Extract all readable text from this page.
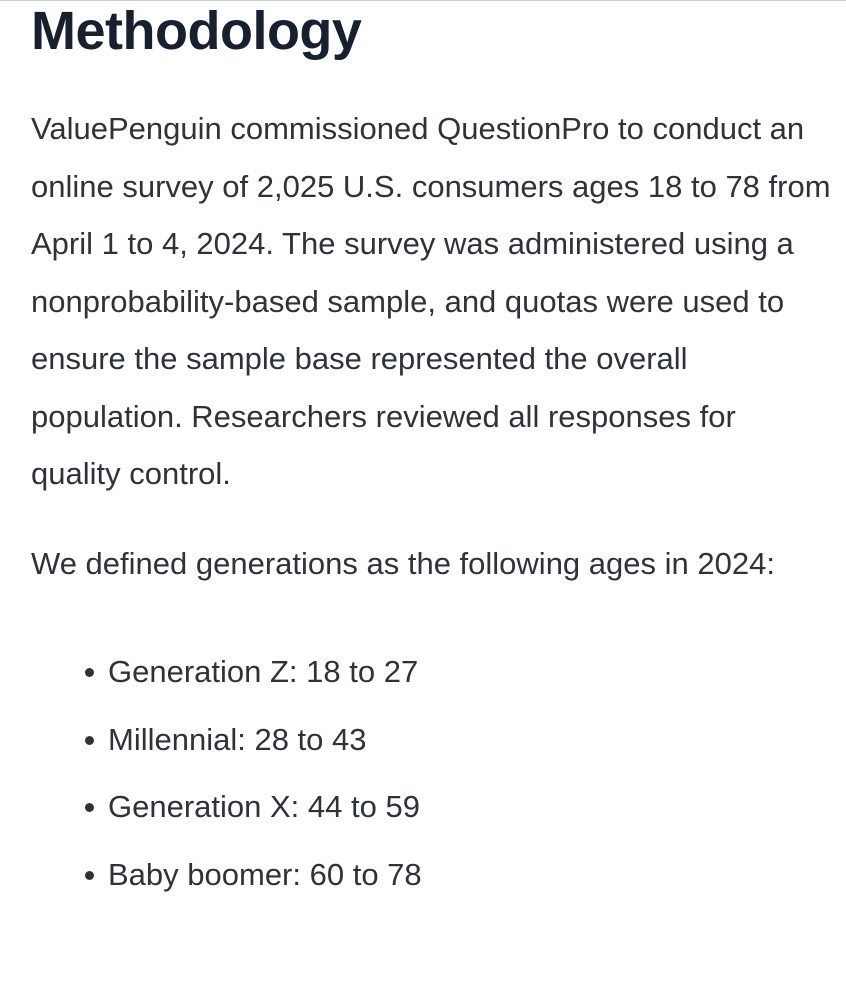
Methodology

ValuePenguin commissioned QuestionPro to conduct an online survey of 2,025 U.S. consumers ages 18 to 78 from April 1 to 4, 2024. The survey was administered using a nonprobability-based sample, and quotas were used to ensure the sample base represented the overall population. Researchers reviewed all responses for quality control.

We defined generations as the following ages in 2024:

Generation Z: 18 to 27
Millennial: 28 to 43
Generation X: 44 to 59
Baby boomer: 60 to 78
